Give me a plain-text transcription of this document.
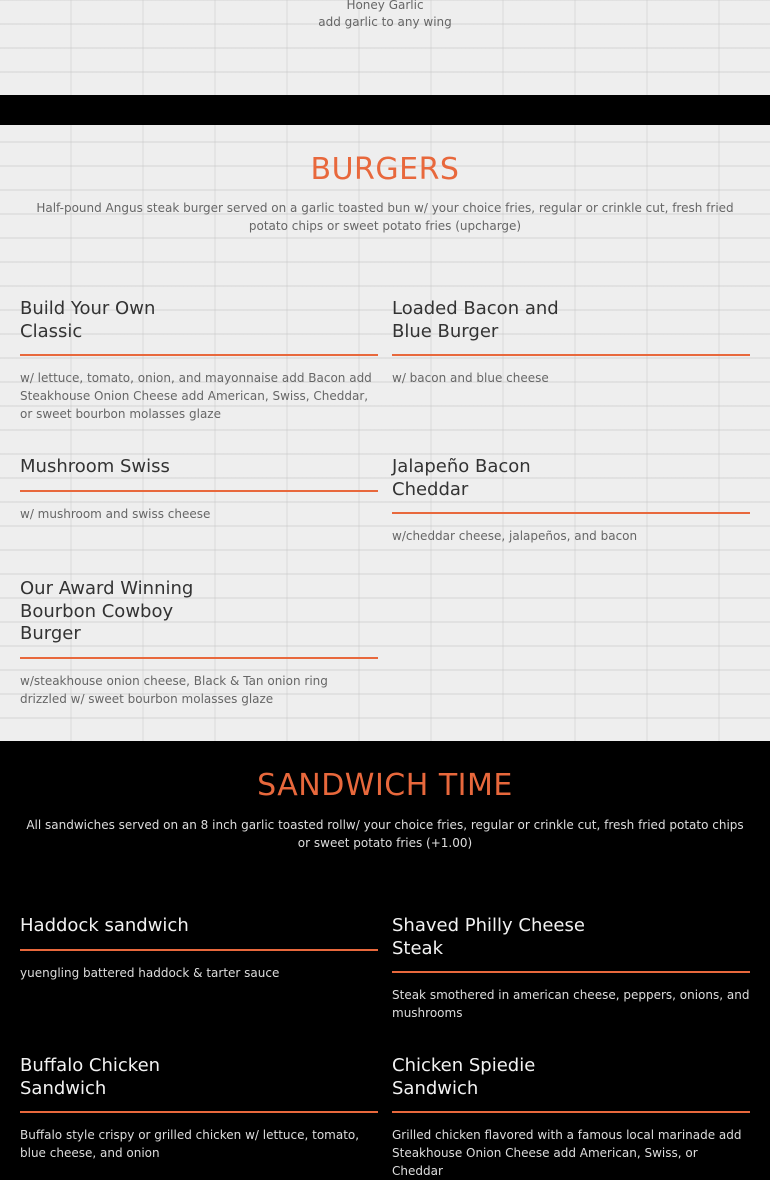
Honey Garlic
add garlic to any wing
BURGERS

Half-pound Angus steak burger served on a garlic toasted bun w/ your choice fries, regular or crinkle cut, fresh fried potato chips or sweet potato fries (upcharge)

Build Your Own Classic
w/ lettuce, tomato, onion, and mayonnaise add Bacon add Steakhouse Onion Cheese add American, Swiss, Cheddar, or sweet bourbon molasses glaze
Loaded Bacon and Blue Burger
w/ bacon and blue cheese
Mushroom Swiss
w/ mushroom and swiss cheese
Jalapeño Bacon Cheddar
w/cheddar cheese, jalapeños, and bacon
Our Award Winning Bourbon Cowboy Burger
w/steakhouse onion cheese, Black & Tan onion ring drizzled w/ sweet bourbon molasses glaze
SANDWICH TIME

All sandwiches served on an 8 inch garlic toasted rollw/ your choice fries, regular or crinkle cut, fresh fried potato chips or sweet potato fries (+1.00)

Haddock sandwich
yuengling battered haddock & tarter sauce
Shaved Philly Cheese Steak
Steak smothered in american cheese, peppers, onions, and mushrooms
Buffalo Chicken Sandwich
Buffalo style crispy or grilled chicken w/ lettuce, tomato, blue cheese, and onion
Chicken Spiedie Sandwich
Grilled chicken flavored with a famous local marinade add Steakhouse Onion Cheese add American, Swiss, or Cheddar
